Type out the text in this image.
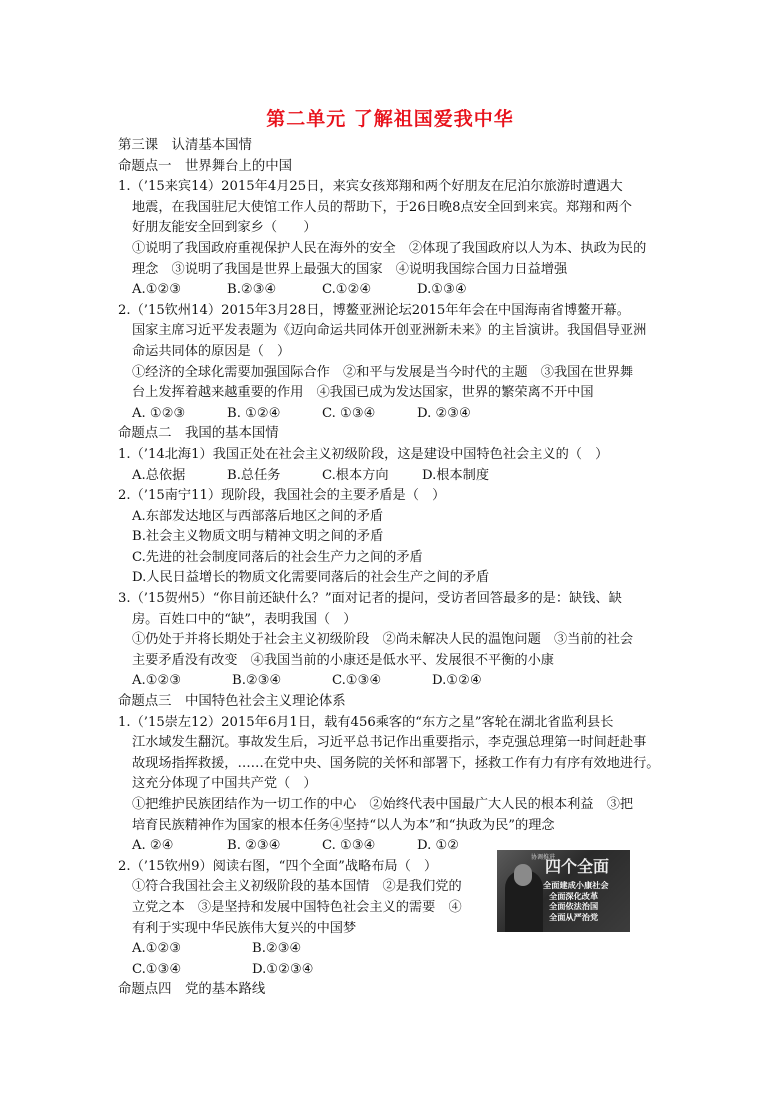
第二单元 了解祖国爱我中华
第三课　认清基本国情
命题点一　世界舞台上的中国
1.（’15来宾14）2015年4月25日，来宾女孩郑翔和两个好朋友在尼泊尔旅游时遭遇大
地震，在我国驻尼大使馆工作人员的帮助下，于26日晚8点安全回到来宾。郑翔和两个
好朋友能安全回到家乡（　　）
①说明了我国政府重视保护人民在海外的安全　②体现了我国政府以人为本、执政为民的
理念　③说明了我国是世界上最强大的国家　④说明我国综合国力日益增强
A.①②③	B.②③④	C.①②④	D.①③④
2.（’15钦州14）2015年3月28日，博鳌亚洲论坛2015年年会在中国海南省博鳌开幕。
国家主席习近平发表题为《迈向命运共同体开创亚洲新未来》的主旨演讲。我国倡导亚洲
命运共同体的原因是（　）
①经济的全球化需要加强国际合作　②和平与发展是当今时代的主题　③我国在世界舞
台上发挥着越来越重要的作用　④我国已成为发达国家，世界的繁荣离不开中国
A. ①②③	B. ①②④	C. ①③④	D. ②③④
命题点二　我国的基本国情
1.（’14北海1）我国正处在社会主义初级阶段，这是建设中国特色社会主义的（　）
A.总依据	B.总任务	C.根本方向	D.根本制度
2.（’15南宁11）现阶段，我国社会的主要矛盾是（　）
A.东部发达地区与西部落后地区之间的矛盾
B.社会主义物质文明与精神文明之间的矛盾
C.先进的社会制度同落后的社会生产力之间的矛盾
D.人民日益增长的物质文化需要同落后的社会生产之间的矛盾
3.（’15贺州5）“你目前还缺什么？”面对记者的提问，受访者回答最多的是：缺钱、缺
房。百姓口中的“缺”，表明我国（　）
①仍处于并将长期处于社会主义初级阶段　②尚未解决人民的温饱问题　③当前的社会
主要矛盾没有改变　④我国当前的小康还是低水平、发展很不平衡的小康
A.①②③	B.②③④	C.①③④	D.①②④
命题点三　中国特色社会主义理论体系
1.（’15崇左12）2015年6月1日，载有456乘客的“东方之星”客轮在湖北省监利县长
江水域发生翻沉。事故发生后，习近平总书记作出重要指示，李克强总理第一时间赶赴事
故现场指挥救援，……在党中央、国务院的关怀和部署下，拯救工作有力有序有效地进行。
这充分体现了中国共产党（　）
①把维护民族团结作为一切工作的中心　②始终代表中国最广大人民的根本利益　③把
培育民族精神作为国家的根本任务④坚持“以人为本”和“执政为民”的理念
A. ②④	B. ②③④	C. ①③④	D. ①②
2.（’15钦州9）阅读右图，“四个全面”战略布局（　）
①符合我国社会主义初级阶段的基本国情　②是我们党的
立党之本　③是坚持和发展中国特色社会主义的需要　④
有利于实现中华民族伟大复兴的中国梦
A.①②③	B.②③④
C.①③④	D.①②③④
命题点四　党的基本路线
协调推进
四个全面
全面建成小康社会
全面深化改革
全面依法治国
全面从严治党
